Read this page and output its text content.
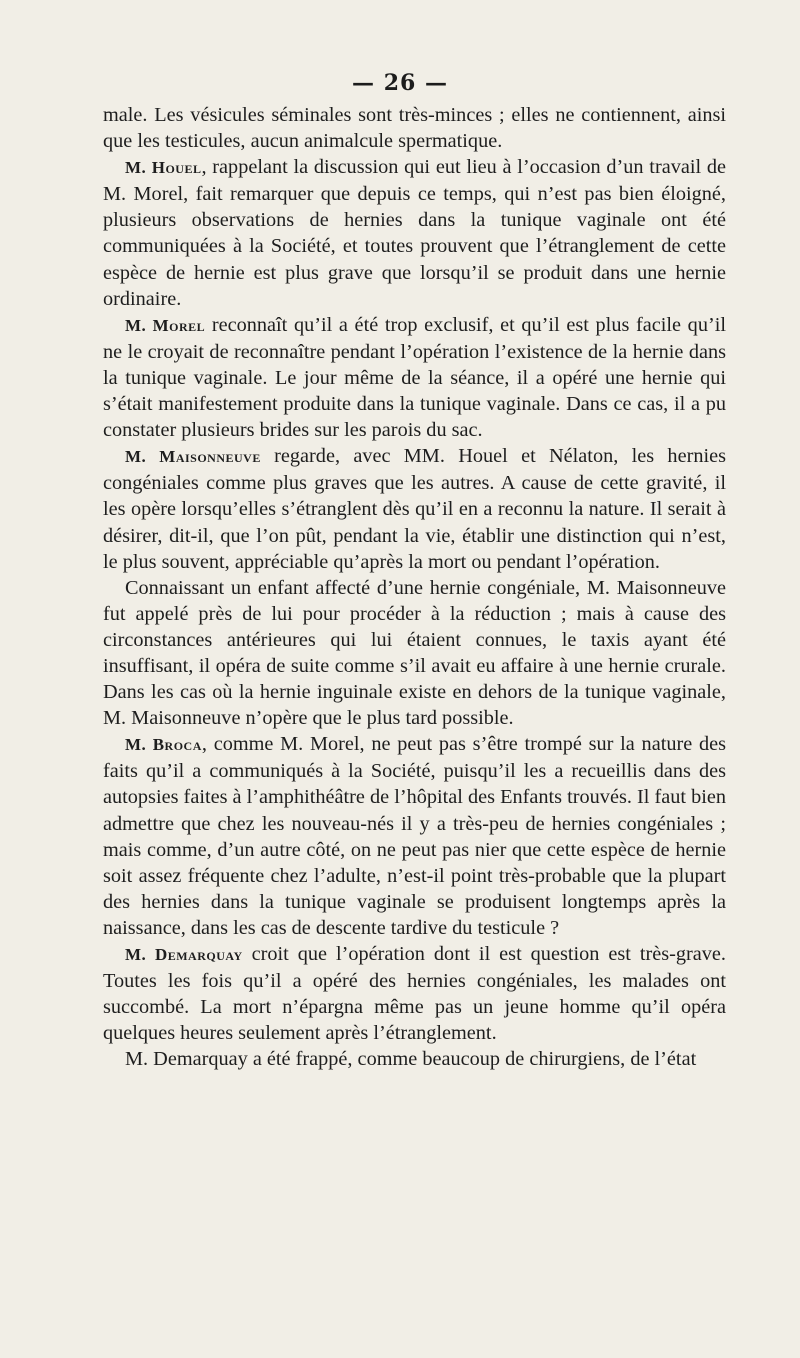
— 26 —

male. Les vésicules séminales sont très-minces ; elles ne contiennent, ainsi que les testicules, aucun animalcule spermatique.

M. Houel, rappelant la discussion qui eut lieu à l’occasion d’un travail de M. Morel, fait remarquer que depuis ce temps, qui n’est pas bien éloigné, plusieurs observations de hernies dans la tunique vaginale ont été communiquées à la Société, et toutes prouvent que l’étranglement de cette espèce de hernie est plus grave que lorsqu’il se produit dans une hernie ordinaire.

M. Morel reconnaît qu’il a été trop exclusif, et qu’il est plus facile qu’il ne le croyait de reconnaître pendant l’opération l’existence de la hernie dans la tunique vaginale. Le jour même de la séance, il a opéré une hernie qui s’était manifestement produite dans la tunique vaginale. Dans ce cas, il a pu constater plusieurs brides sur les parois du sac.

M. Maisonneuve regarde, avec MM. Houel et Nélaton, les hernies congéniales comme plus graves que les autres. A cause de cette gravité, il les opère lorsqu’elles s’étranglent dès qu’il en a reconnu la nature. Il serait à désirer, dit-il, que l’on pût, pendant la vie, établir une distinction qui n’est, le plus souvent, appréciable qu’après la mort ou pendant l’opération.

Connaissant un enfant affecté d’une hernie congéniale, M. Maisonneuve fut appelé près de lui pour procéder à la réduction ; mais à cause des circonstances antérieures qui lui étaient connues, le taxis ayant été insuffisant, il opéra de suite comme s’il avait eu affaire à une hernie crurale. Dans les cas où la hernie inguinale existe en dehors de la tunique vaginale, M. Maisonneuve n’opère que le plus tard possible.

M. Broca, comme M. Morel, ne peut pas s’être trompé sur la nature des faits qu’il a communiqués à la Société, puisqu’il les a recueillis dans des autopsies faites à l’amphithéâtre de l’hôpital des Enfants trouvés. Il faut bien admettre que chez les nouveau-nés il y a très-peu de hernies congéniales ; mais comme, d’un autre côté, on ne peut pas nier que cette espèce de hernie soit assez fréquente chez l’adulte, n’est-il point très-probable que la plupart des hernies dans la tunique vaginale se produisent longtemps après la naissance, dans les cas de descente tardive du testicule ?

M. Demarquay croit que l’opération dont il est question est très-grave. Toutes les fois qu’il a opéré des hernies congéniales, les malades ont succombé. La mort n’épargna même pas un jeune homme qu’il opéra quelques heures seulement après l’étranglement.

M. Demarquay a été frappé, comme beaucoup de chirurgiens, de l’état
